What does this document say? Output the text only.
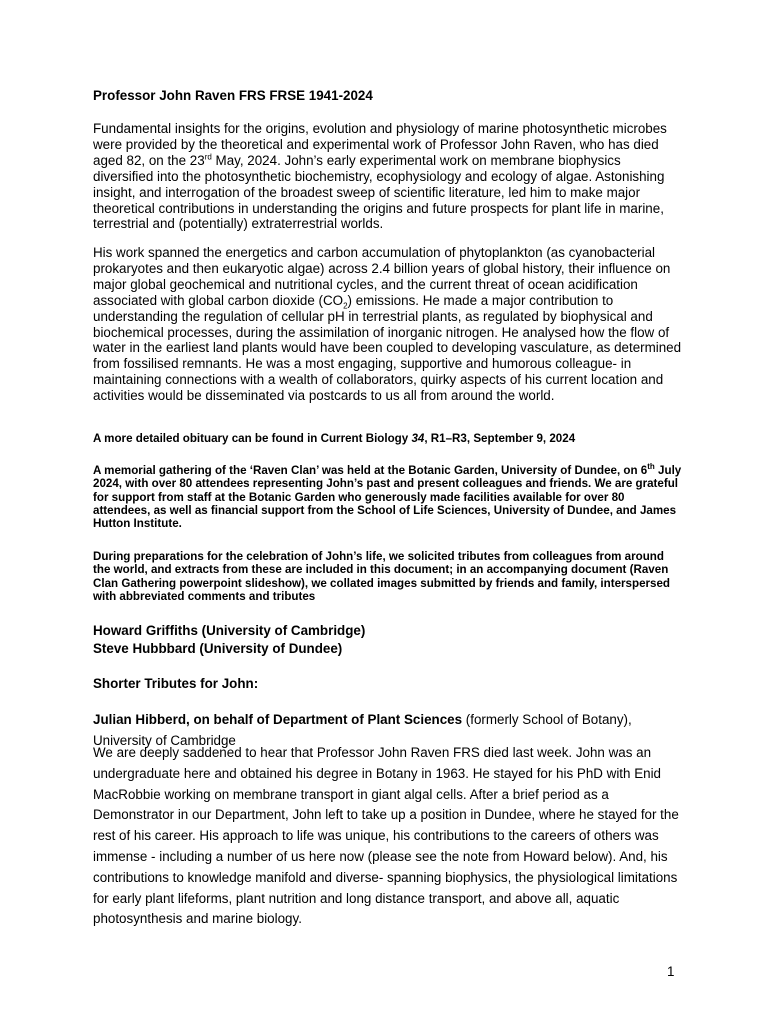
Professor John Raven FRS FRSE 1941-2024

Fundamental insights for the origins, evolution and physiology of marine photosynthetic microbes were provided by the theoretical and experimental work of Professor John Raven, who has died aged 82, on the 23rd May, 2024. John’s early experimental work on membrane biophysics diversified into the photosynthetic biochemistry, ecophysiology and ecology of algae. Astonishing insight, and interrogation of the broadest sweep of scientific literature, led him to make major theoretical contributions in understanding the origins and future prospects for plant life in marine, terrestrial and (potentially) extraterrestrial worlds.

His work spanned the energetics and carbon accumulation of phytoplankton (as cyanobacterial prokaryotes and then eukaryotic algae) across 2.4 billion years of global history, their influence on major global geochemical and nutritional cycles, and the current threat of ocean acidification associated with global carbon dioxide $(CO_2)$ emissions. He made a major contribution to understanding the regulation of cellular pH in terrestrial plants, as regulated by biophysical and biochemical processes, during the assimilation of inorganic nitrogen. He analysed how the flow of water in the earliest land plants would have been coupled to developing vasculature, as determined from fossilised remnants. He was a most engaging, supportive and humorous colleague- in maintaining connections with a wealth of collaborators, quirky aspects of his current location and activities would be disseminated via postcards to us all from around the world.

A more detailed obituary can be found in Current Biology 34, R1–R3, September 9, 2024

A memorial gathering of the ‘Raven Clan’ was held at the Botanic Garden, University of Dundee, on 6th July 2024, with over 80 attendees representing John’s past and present colleagues and friends. We are grateful for support from staff at the Botanic Garden who generously made facilities available for over 80 attendees, as well as financial support from the School of Life Sciences, University of Dundee, and James Hutton Institute.

During preparations for the celebration of John’s life, we solicited tributes from colleagues from around the world, and extracts from these are included in this document; in an accompanying document (Raven Clan Gathering powerpoint slideshow), we collated images submitted by friends and family, interspersed with abbreviated comments and tributes

Howard Griffiths (University of Cambridge)
Steve Hubbbard (University of Dundee)
Shorter Tributes for John:

Julian Hibberd, on behalf of Department of Plant Sciences (formerly School of Botany), University of Cambridge

We are deeply saddened to hear that Professor John Raven FRS died last week. John was an undergraduate here and obtained his degree in Botany in 1963. He stayed for his PhD with Enid MacRobbie working on membrane transport in giant algal cells. After a brief period as a Demonstrator in our Department, John left to take up a position in Dundee, where he stayed for the rest of his career. His approach to life was unique, his contributions to the careers of others was immense - including a number of us here now (please see the note from Howard below). And, his contributions to knowledge manifold and diverse- spanning biophysics, the physiological limitations for early plant lifeforms, plant nutrition and long distance transport, and above all, aquatic photosynthesis and marine biology.

1
